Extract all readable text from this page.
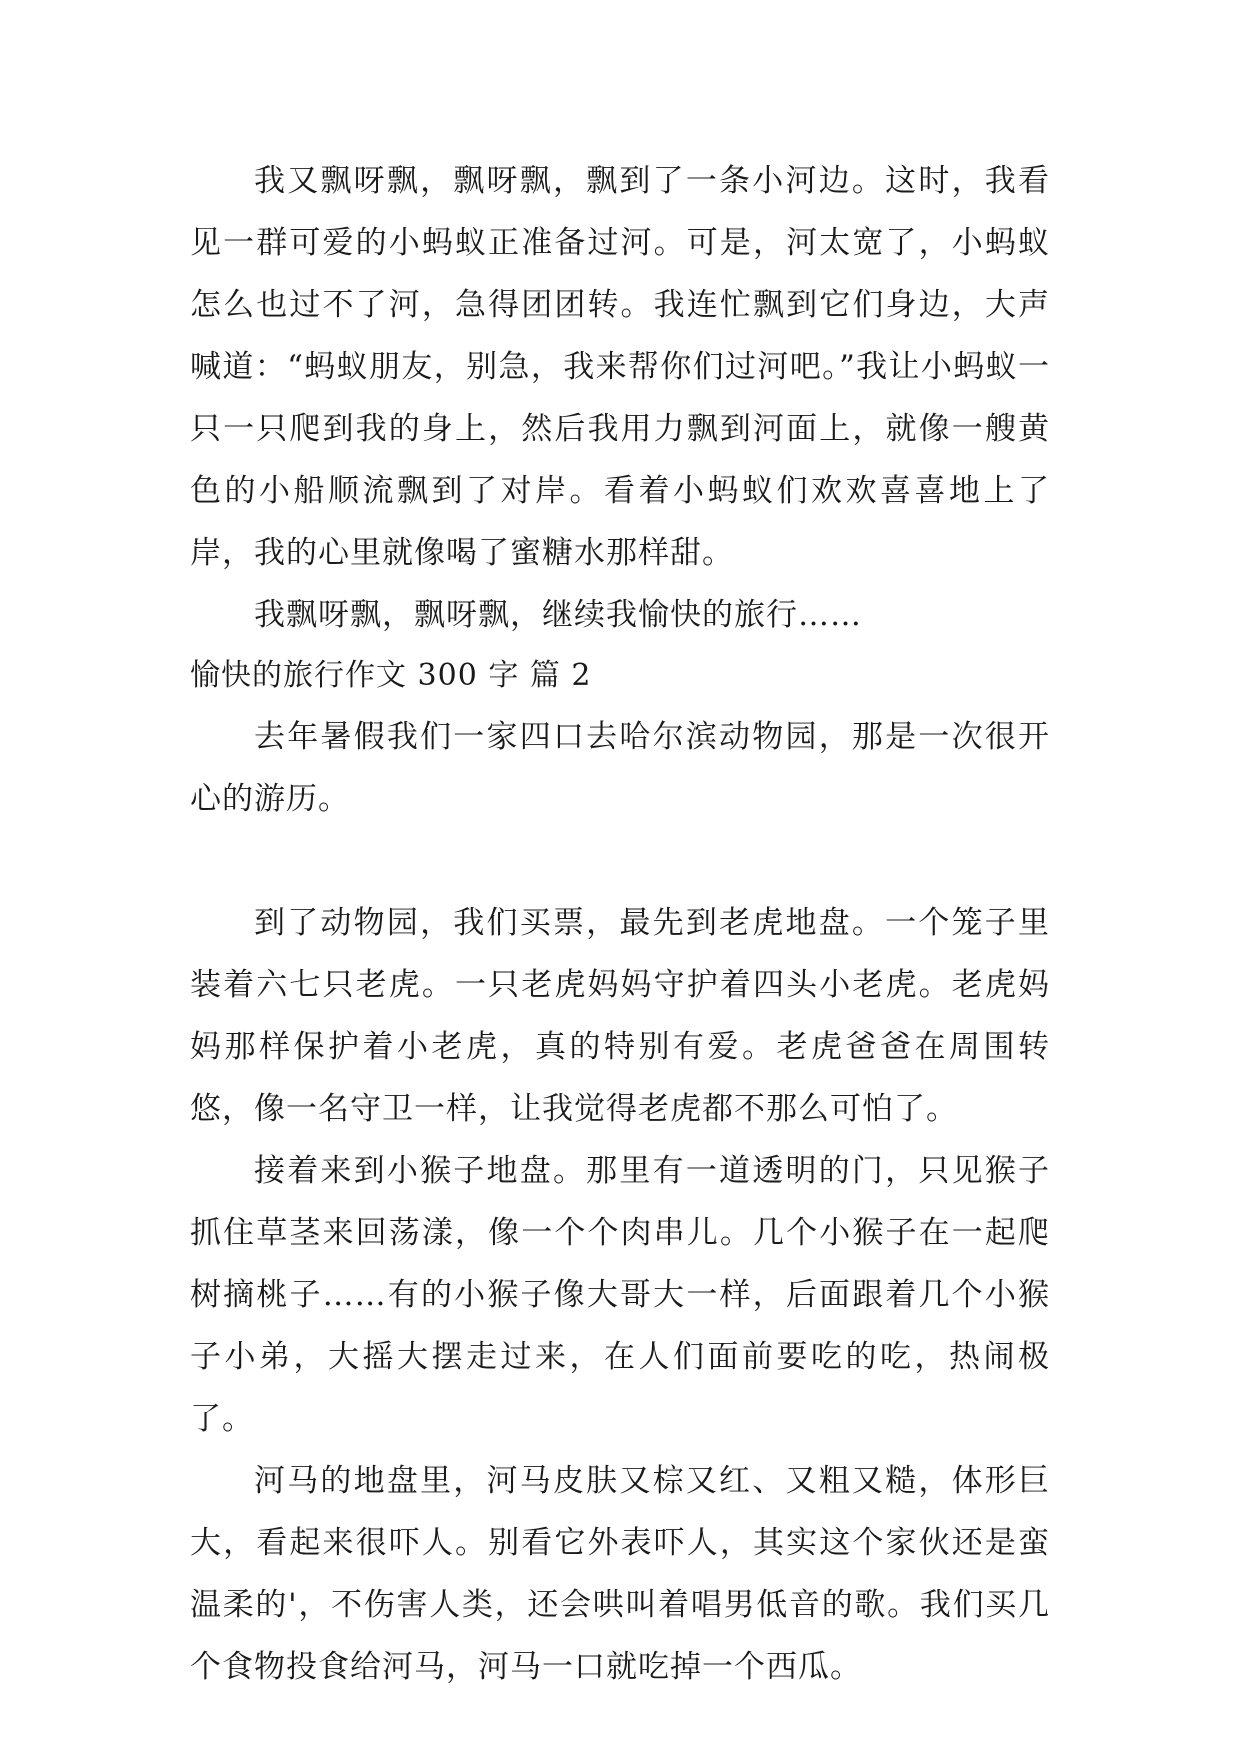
我又飘呀飘，飘呀飘，飘到了一条小河边。这时，我看见一群可爱的小蚂蚁正准备过河。可是，河太宽了，小蚂蚁怎么也过不了河，急得团团转。我连忙飘到它们身边，大声喊道：“蚂蚁朋友，别急，我来帮你们过河吧。”我让小蚂蚁一只一只爬到我的身上，然后我用力飘到河面上，就像一艘黄色的小船顺流飘到了对岸。看着小蚂蚁们欢欢喜喜地上了岸，我的心里就像喝了蜜糖水那样甜。

我飘呀飘，飘呀飘，继续我愉快的旅行……

愉快的旅行作文 300 字 篇 2

去年暑假我们一家四口去哈尔滨动物园，那是一次很开心的游历。

到了动物园，我们买票，最先到老虎地盘。一个笼子里装着六七只老虎。一只老虎妈妈守护着四头小老虎。老虎妈妈那样保护着小老虎，真的特别有爱。老虎爸爸在周围转悠，像一名守卫一样，让我觉得老虎都不那么可怕了。

接着来到小猴子地盘。那里有一道透明的门，只见猴子抓住草茎来回荡漾，像一个个肉串儿。几个小猴子在一起爬树摘桃子……有的小猴子像大哥大一样，后面跟着几个小猴子小弟，大摇大摆走过来，在人们面前要吃的吃，热闹极了。

河马的地盘里，河马皮肤又棕又红、又粗又糙，体形巨大，看起来很吓人。别看它外表吓人，其实这个家伙还是蛮温柔的'，不伤害人类，还会哄叫着唱男低音的歌。我们买几个食物投食给河马，河马一口就吃掉一个西瓜。
